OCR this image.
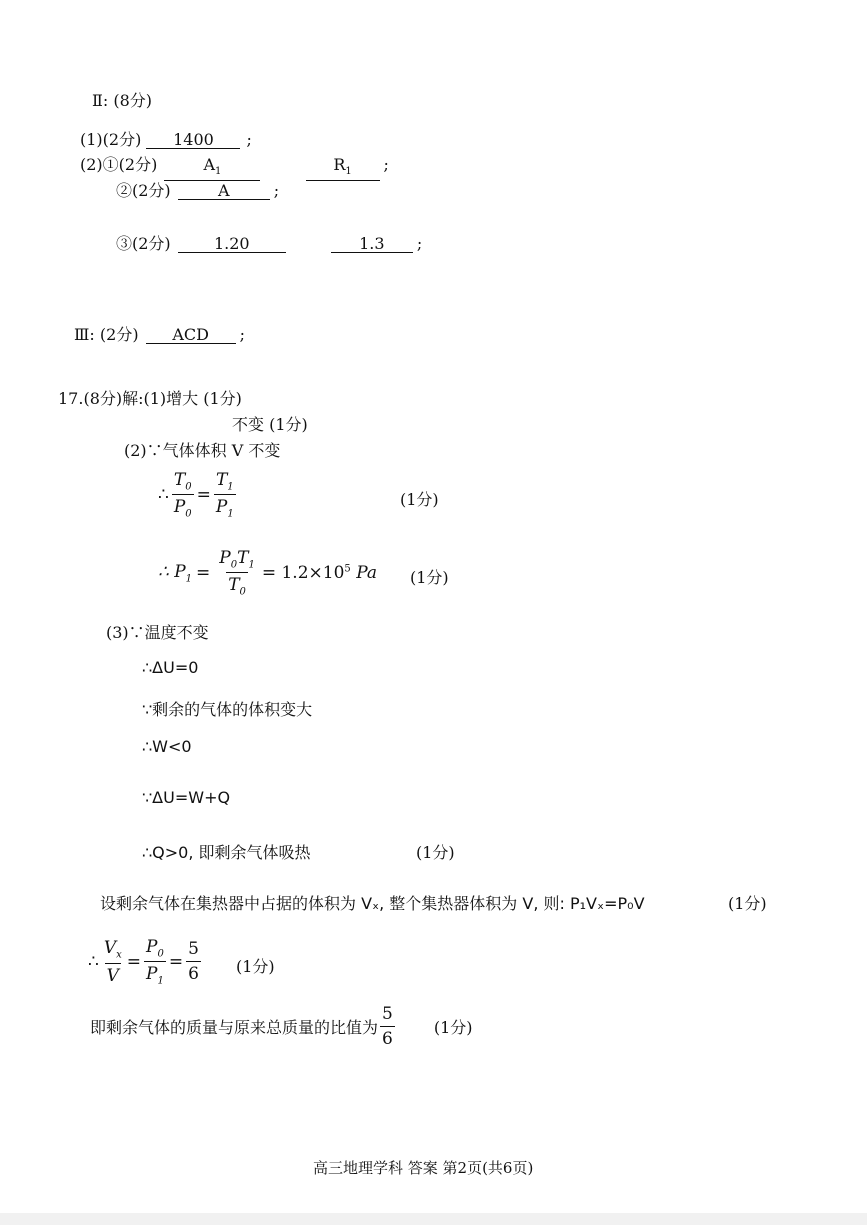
Ⅱ: (8分)
(1)(2分) 1400 ;
(2)①(2分)	$A_1$	$R_1$ ;
②(2分)	A	;
③(2分)	1.20	1.3 ;
Ⅲ: (2分) ACD ;
17.(8分)解:(1)增大 (1分)
不变 (1分)
(2)∵气体体积 V 不变
∴ $\frac{T_0}{P_0} = \frac{T_1}{P_1}$	(1分)
∴ $P_1 = \frac{P_0T_1}{T_0} = 1.2\times 10^5$ Pa (1分)
(3)∵温度不变
∴ΔU=0
∵剩余的气体的体积变大
∴W<0
∵ΔU=W+Q
∴Q>0, 即剩余气体吸热	(1分)
设剩余气体在集热器中占据的体积为 Vₓ, 整个集热器体积为 V, 则: P₁Vₓ=P₀V	(1分)
∴ $\frac{V_x}{V} = \frac{P_0}{P_1} = \frac{5}{6} (1$分)
即剩余气体的质量与原来总质量的比值为 $\frac{5}{6} (1$分)
高三地理学科 答案 第2页(共6页)
